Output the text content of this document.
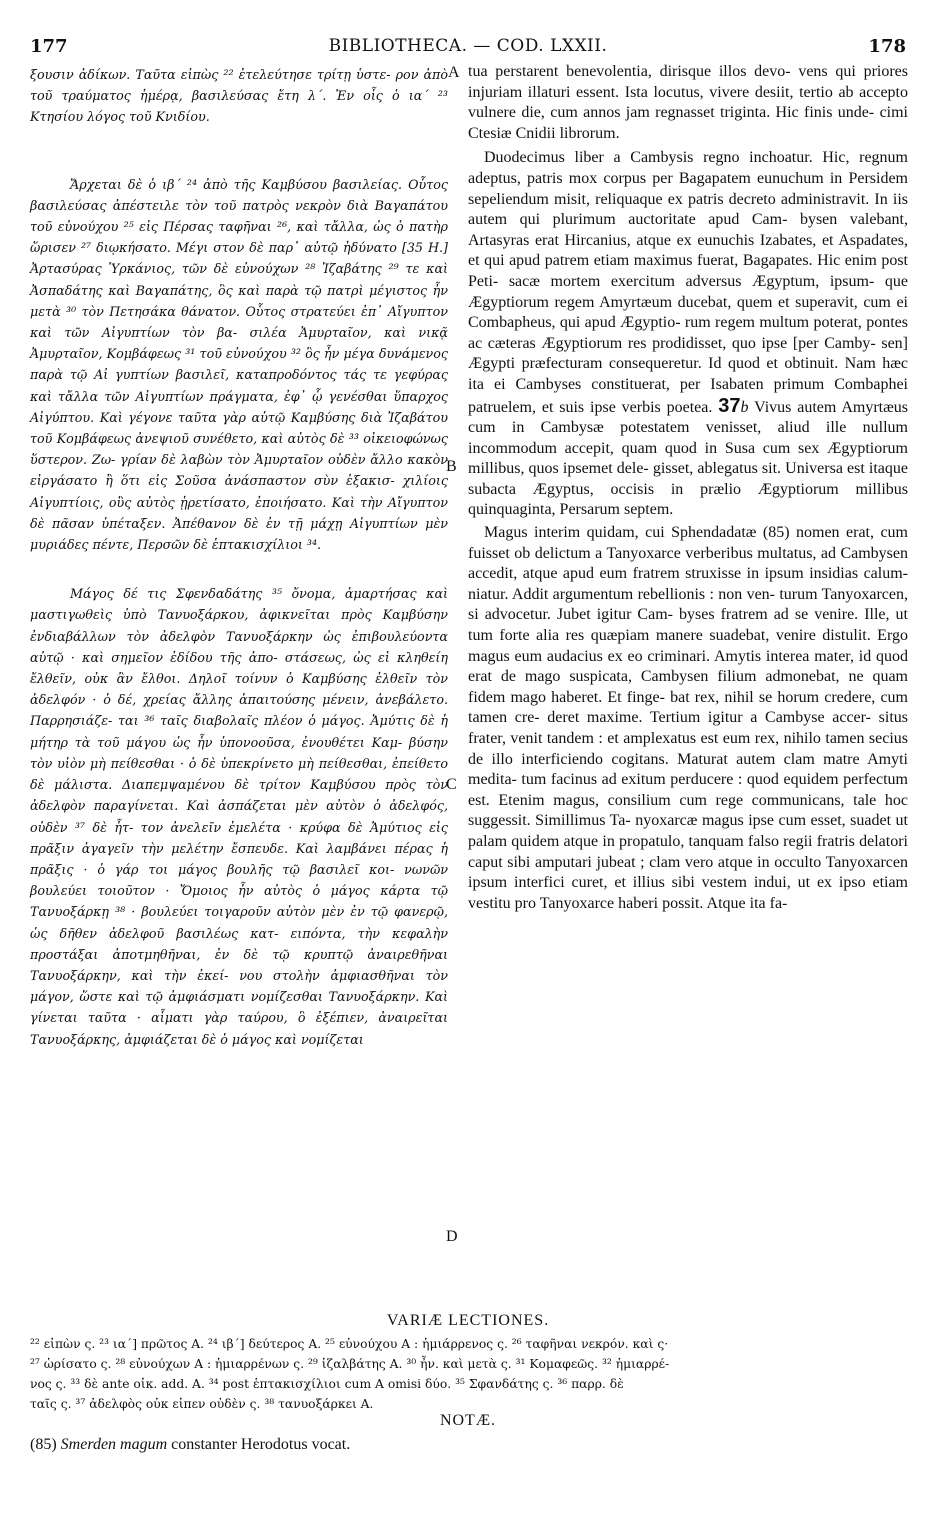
177	BIBLIOTHECA. — COD. LXXII.	178
A
B
C
D

ξουσιν ἀδίκων. Ταῦτα εἰπὼς ²² ἐτελεύτησε τρίτῃ ὑστε- ρον ἀπὸ τοῦ τραύματος ἡμέρᾳ, βασιλεύσας ἔτη λ΄. Ἐν οἷς ὁ ια΄ ²³ Κτησίου λόγος τοῦ Κνιδίου.

Ἄρχεται δὲ ὁ ιβ΄ ²⁴ ἀπὸ τῆς Καμβύσου βασιλείας. Οὗτος βασιλεύσας ἀπέστειλε τὸν τοῦ πατρὸς νεκρὸν διὰ Βαγαπάτου τοῦ εὐνούχου ²⁵ εἰς Πέρσας ταφῆναι ²⁶, καὶ τἄλλα, ὡς ὁ πατὴρ ὥρισεν ²⁷ διῳκήσατο. Μέγι στον δὲ παρ᾽ αὐτῷ ἠδύνατο [35 H.] Ἀρτασύρας Ὑρκάνιος, τῶν δὲ εὐνούχων ²⁸ Ἰζαβάτης ²⁹ τε καὶ Ἀσπαδάτης καὶ Βαγαπάτης, ὃς καὶ παρὰ τῷ πατρὶ μέγιστος ἦν μετὰ ³⁰ τὸν Πετησάκα θάνατον. Οὗτος στρατεύει ἐπ᾽ Αἴγυπτον καὶ τῶν Αἰγυπτίων τὸν βα- σιλέα Ἀμυρταῖον, καὶ νικᾷ Ἀμυρταῖον, Κομβάφεως ³¹ τοῦ εὐνούχου ³² ὃς ἦν μέγα δυνάμενος παρὰ τῷ Αἰ γυπτίων βασιλεῖ, καταπροδόντος τάς τε γεφύρας καὶ τἄλλα τῶν Αἰγυπτίων πράγματα, ἐφ᾽ ᾧ γενέσθαι ὕπαρχος Αἰγύπτου. Καὶ γέγονε ταῦτα γὰρ αὐτῷ Καμβύσης διὰ Ἰζαβάτου τοῦ Κομβάφεως ἀνεψιοῦ συνέθετο, καὶ αὐτὸς δὲ ³³ οἰκειοφώνως ὕστερον. Ζω- γρίαν δὲ λαβὼν τὸν Ἀμυρταῖον οὐδὲν ἄλλο κακὸν εἰργάσατο ἢ ὅτι εἰς Σοῦσα ἀνάσπαστον σὺν ἑξακισ- χιλίοις Αἰγυπτίοις, οὓς αὐτὸς ᾐρετίσατο, ἐποιήσατο. Καὶ τὴν Αἴγυπτον δὲ πᾶσαν ὑπέταξεν. Ἀπέθανον δὲ ἐν τῇ μάχῃ Αἰγυπτίων μὲν μυριάδες πέντε, Περσῶν δὲ ἑπτακισχίλιοι ³⁴.

Μάγος δέ τις Σφενδαδάτης ³⁵ ὄνομα, ἁμαρτήσας καὶ μαστιγωθεὶς ὑπὸ Τανυοξάρκου, ἀφικνεῖται πρὸς Καμβύσην ἐνδιαβάλλων τὸν ἀδελφὸν Τανυοξάρκην ὡς ἐπιβουλεύοντα αὐτῷ · καὶ σημεῖον ἐδίδου τῆς ἀπο- στάσεως, ὡς εἰ κληθείη ἔλθεῖν, οὐκ ἂν ἔλθοι. Δηλοῖ τοίνυν ὁ Καμβύσης ἐλθεῖν τὸν ἀδελφόν · ὁ δέ, χρείας ἄλλης ἀπαιτούσης μένειν, ἀνεβάλετο. Παρρησιάζε- ται ³⁶ ταῖς διαβολαῖς πλέον ὁ μάγος. Ἀμύτις δὲ ἡ μήτηρ τὰ τοῦ μάγου ὡς ἦν ὑπονοοῦσα, ἐνουθέτει Καμ- βύσην τὸν υἱὸν μὴ πείθεσθαι · ὁ δὲ ὑπεκρίνετο μὴ πείθεσθαι, ἐπείθετο δὲ μάλιστα. Διαπεμψαμένου δὲ τρίτον Καμβύσου πρὸς τὸν ἀδελφὸν παραγίνεται. Καὶ ἀσπάζεται μὲν αὐτὸν ὁ ἀδελφός, οὐδὲν ³⁷ δὲ ἧτ- τον ἀνελεῖν ἐμελέτα · κρύφα δὲ Ἀμύτιος εἰς πρᾶξιν ἀγαγεῖν τὴν μελέτην ἔσπευδε. Καὶ λαμβάνει πέρας ἡ πρᾶξις · ὁ γάρ τοι μάγος βουλῆς τῷ βασιλεῖ κοι- νωνῶν βουλεύει τοιοῦτον · Ὅμοιος ἦν αὐτὸς ὁ μάγος κάρτα τῷ Τανυοξάρκῃ ³⁸ · βουλεύει τοιγαροῦν αὐτὸν μὲν ἐν τῷ φανερῷ, ὡς δῆθεν ἀδελφοῦ βασιλέως κατ- ειπόντα, τὴν κεφαλὴν προστάξαι ἀποτμηθῆναι, ἐν δὲ τῷ κρυπτῷ ἀναιρεθῆναι Τανυοξάρκην, καὶ τὴν ἐκεί- νου στολὴν ἀμφιασθῆναι τὸν μάγον, ὥστε καὶ τῷ ἀμφιάσματι νομίζεσθαι Τανυοξάρκην. Καὶ γίνεται ταῦτα · αἷματι γὰρ ταύρου, ὃ ἐξέπιεν, ἀναιρεῖται Τανυοξάρκης, ἀμφιάζεται δὲ ὁ μάγος καὶ νομίζεται

tua perstarent benevolentia, dirisque illos devo- vens qui priores injuriam illaturi essent. Ista locutus, vivere desiit, tertio ab accepto vulnere die, cum annos jam regnasset triginta. Hic finis unde- cimi Ctesiæ Cnidii librorum.

Duodecimus liber a Cambysis regno inchoatur. Hic, regnum adeptus, patris mox corpus per Bagapatem eunuchum in Persidem sepeliendum misit, reliquaque ex patris decreto administravit. In iis autem qui plurimum auctoritate apud Cam- bysen valebant, Artasyras erat Hircanius, atque ex eunuchis Izabates, et Aspadates, et qui apud patrem etiam maximus fuerat, Bagapates. Hic enim post Peti- sacæ mortem exercitum adversus Ægyptum, ipsum- que Ægyptiorum regem Amyrtæum ducebat, quem et superavit, cum ei Combapheus, qui apud Ægyptio- rum regem multum poterat, pontes ac cæteras Ægyptiorum res prodidisset, quo ipse [per Camby- sen] Ægypti præfecturam consequeretur. Id quod et obtinuit. Nam hæc ita ei Cambyses constituerat, per Isabaten primum Combaphei patruelem, et suis ipse verbis poetea. 37b Vivus autem Amyrtæus cum in Cambysæ potestatem venisset, aliud ille nullum incommodum accepit, quam quod in Susa cum sex Ægyptiorum millibus, quos ipsemet dele- gisset, ablegatus sit. Universa est itaque subacta Ægyptus, occisis in prælio Ægyptiorum millibus quinquaginta, Persarum septem.

Magus interim quidam, cui Sphendadatæ (85) nomen erat, cum fuisset ob delictum a Tanyoxarce verberibus multatus, ad Cambysen accedit, atque apud eum fratrem struxisse in ipsum insidias calum- niatur. Addit argumentum rebellionis : non ven- turum Tanyoxarcen, si advocetur. Jubet igitur Cam- byses fratrem ad se venire. Ille, ut tum forte alia res quæpiam manere suadebat, venire distulit. Ergo magus eum audacius ex eo criminari. Amytis interea mater, id quod erat de mago suspicata, Cambysen filium admonebat, ne quam fidem mago haberet. Et finge- bat rex, nihil se horum credere, cum tamen cre- deret maxime. Tertium igitur a Cambyse accer- situs frater, venit tandem : et amplexatus est eum rex, nihilo tamen secius de illo interficiendo cogitans. Maturat autem clam matre Amyti medita- tum facinus ad exitum perducere : quod equidem perfectum est. Etenim magus, consilium cum rege communicans, tale hoc suggessit. Simillimus Ta- nyoxarcæ magus ipse cum esset, suadet ut palam quidem atque in propatulo, tanquam falso regii fratris delatori caput sibi amputari jubeat ; clam vero atque in occulto Tanyoxarcen ipsum interfici curet, et illius sibi vestem indui, ut ex ipso etiam vestitu pro Tanyoxarce haberi possit. Atque ita fa-

VARIÆ LECTIONES.

²² εἰπὼν ς. ²³ ια΄] πρῶτος A. ²⁴ ιβ΄] δεύτερος A. ²⁵ εὐνούχου A : ἡμιάρρενος ς. ²⁶ ταφῆναι νεκρόν. καὶ ς·

²⁷ ὡρίσατο ς. ²⁸ εὐνούχων A : ἡμιαρρένων ς. ²⁹ ἰζαλβάτης A. ³⁰ ἦν. καὶ μετὰ ς. ³¹ Κομαφεῶς. ³² ἡμιαρρέ-

νος ς. ³³ δὲ ante οἰκ. add. A. ³⁴ post ἑπτακισχίλιοι cum A omisi δύο. ³⁵ Σφανδάτης ς. ³⁶ παρρ. δὲ

ταῖς ς. ³⁷ ἀδελφὸς οὐκ εἰπεν οὐδὲν ς. ³⁸ τανυοξάρκει A.

NOTÆ.
(85) Smerden magum constanter Herodotus vocat.
